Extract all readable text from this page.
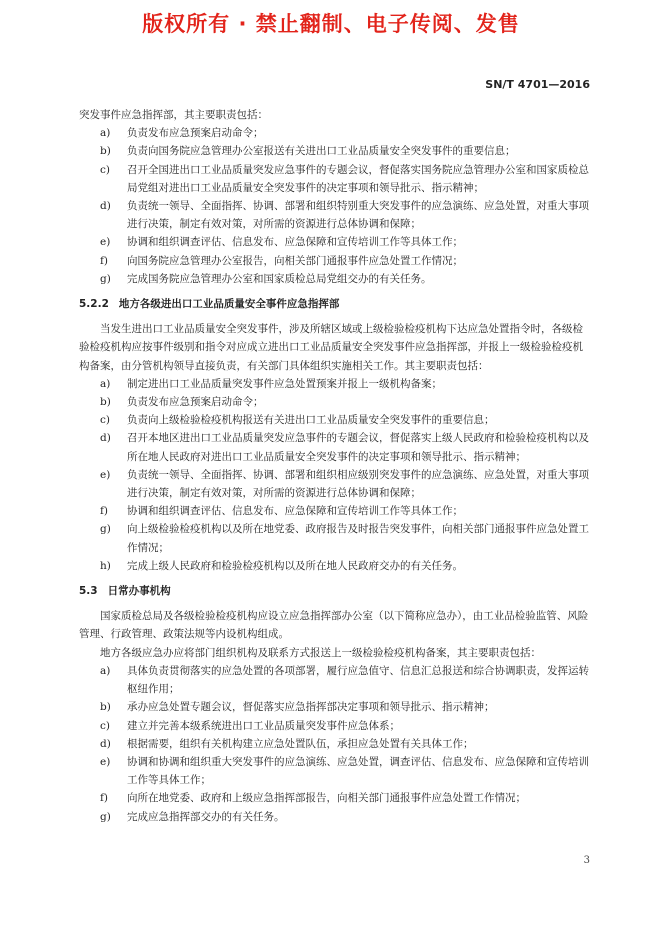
版权所有 · 禁止翻制、电子传阅、发售
SN/T 4701—2016

突发事件应急指挥部，其主要职责包括：

a)	负责发布应急预案启动命令；
b)	负责向国务院应急管理办公室报送有关进出口工业品质量安全突发事件的重要信息；
c)	召开全国进出口工业品质量突发应急事件的专题会议，督促落实国务院应急管理办公室和国家质检总局党组对进出口工业品质量安全突发事件的决定事项和领导批示、指示精神；
d)	负责统一领导、全面指挥、协调、部署和组织特别重大突发事件的应急演练、应急处置，对重大事项进行决策，制定有效对策，对所需的资源进行总体协调和保障；
e)	协调和组织调查评估、信息发布、应急保障和宣传培训工作等具体工作；
f)	向国务院应急管理办公室报告，向相关部门通报事件应急处置工作情况；
g)	完成国务院应急管理办公室和国家质检总局党组交办的有关任务。

5.2.2 地方各级进出口工业品质量安全事件应急指挥部

当发生进出口工业品质量安全突发事件，涉及所辖区域或上级检验检疫机构下达应急处置指令时，各级检验检疫机构应按事件级别和指令对应成立进出口工业品质量安全突发事件应急指挥部，并报上一级检验检疫机构备案，由分管机构领导直接负责，有关部门具体组织实施相关工作。其主要职责包括：

a)	制定进出口工业品质量突发事件应急处置预案并报上一级机构备案；
b)	负责发布应急预案启动命令；
c)	负责向上级检验检疫机构报送有关进出口工业品质量安全突发事件的重要信息；
d)	召开本地区进出口工业品质量突发应急事件的专题会议，督促落实上级人民政府和检验检疫机构以及所在地人民政府对进出口工业品质量安全突发事件的决定事项和领导批示、指示精神；
e)	负责统一领导、全面指挥、协调、部署和组织相应级别突发事件的应急演练、应急处置，对重大事项进行决策，制定有效对策，对所需的资源进行总体协调和保障；
f)	协调和组织调查评估、信息发布、应急保障和宣传培训工作等具体工作；
g)	向上级检验检疫机构以及所在地党委、政府报告及时报告突发事件，向相关部门通报事件应急处置工作情况；
h)	完成上级人民政府和检验检疫机构以及所在地人民政府交办的有关任务。

5.3 日常办事机构

国家质检总局及各级检验检疫机构应设立应急指挥部办公室（以下简称应急办），由工业品检验监管、风险管理、行政管理、政策法规等内设机构组成。

地方各级应急办应将部门组织机构及联系方式报送上一级检验检疫机构备案，其主要职责包括：

a)	具体负责贯彻落实的应急处置的各项部署，履行应急值守、信息汇总报送和综合协调职责，发挥运转枢纽作用；
b)	承办应急处置专题会议，督促落实应急指挥部决定事项和领导批示、指示精神；
c)	建立并完善本级系统进出口工业品质量突发事件应急体系；
d)	根据需要，组织有关机构建立应急处置队伍，承担应急处置有关具体工作；
e)	协调和协调和组织重大突发事件的应急演练、应急处置，调查评估、信息发布、应急保障和宣传培训工作等具体工作；
f)	向所在地党委、政府和上级应急指挥部报告，向相关部门通报事件应急处置工作情况；
g)	完成应急指挥部交办的有关任务。
3
